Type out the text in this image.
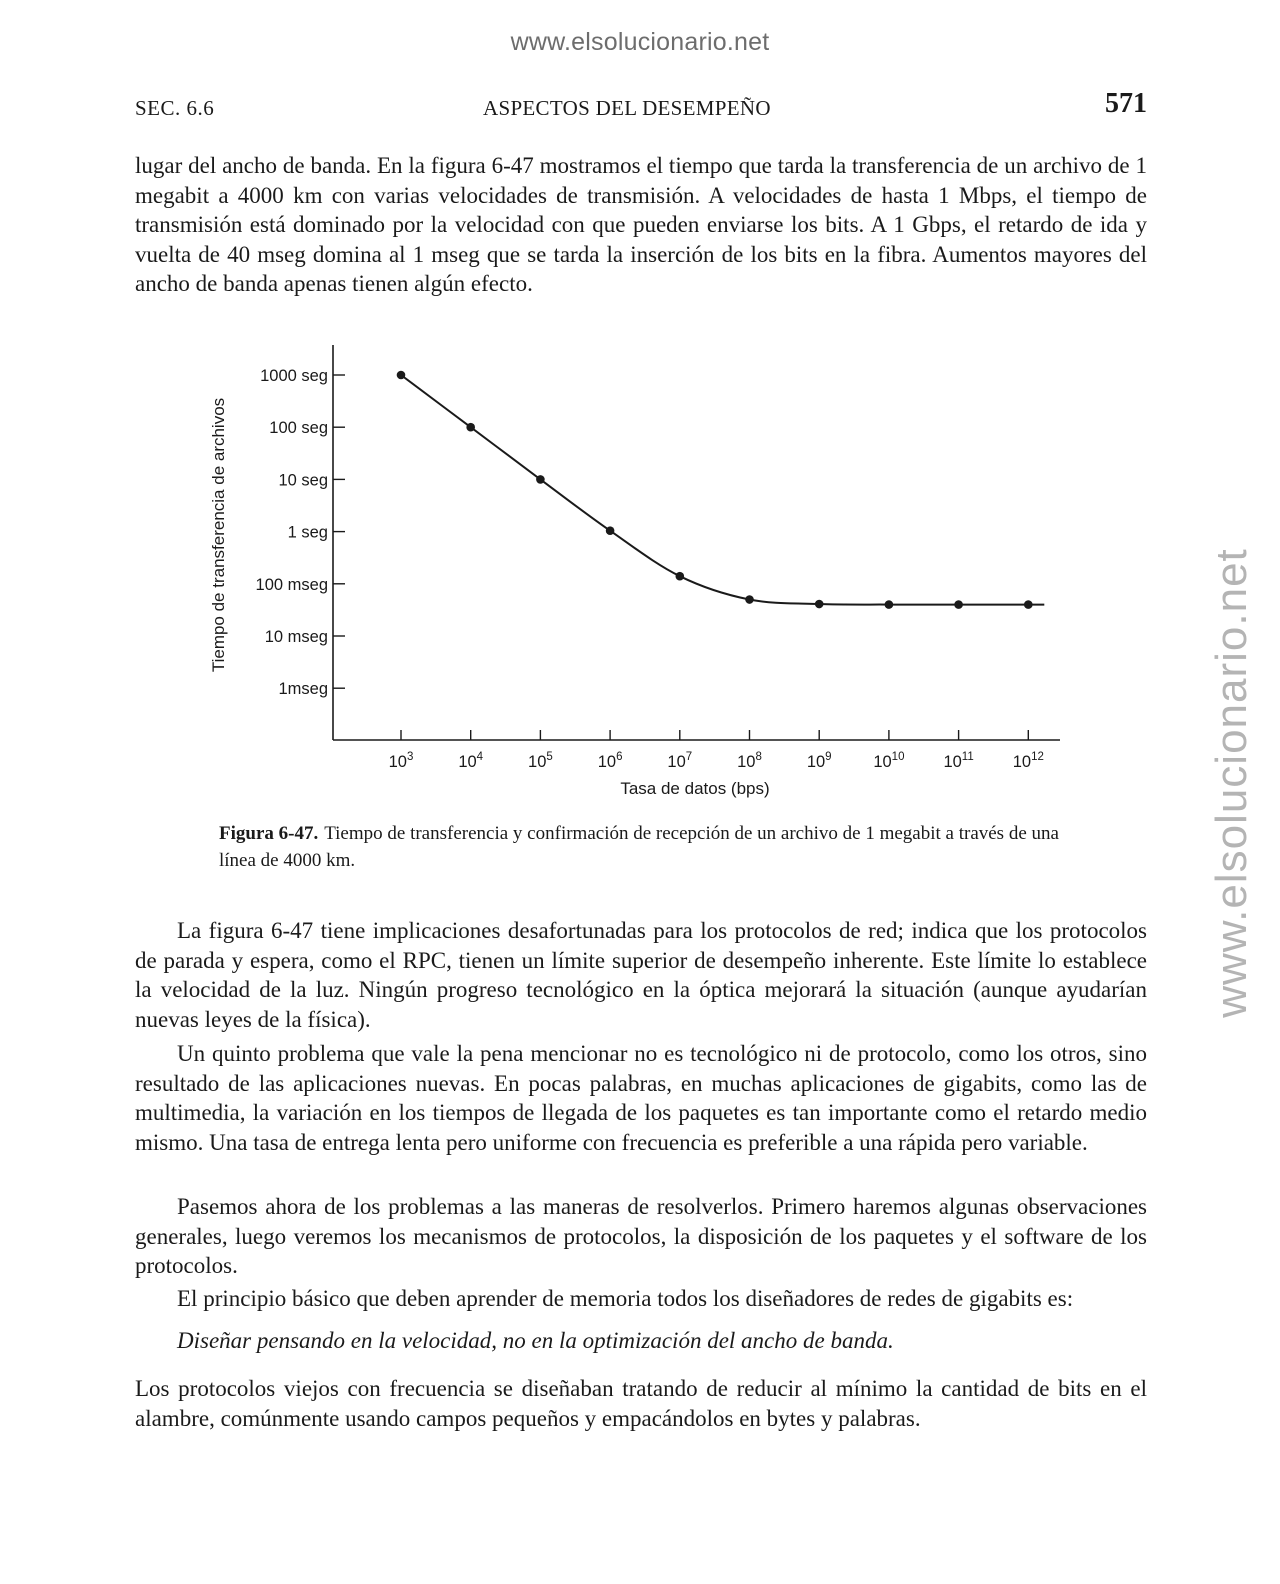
www.elsolucionario.net
www.elsolucionario.net
SEC. 6.6	ASPECTOS DEL DESEMPEÑO	571

lugar del ancho de banda. En la figura 6-47 mostramos el tiempo que tarda la transferencia de un archivo de 1 megabit a 4000 km con varias velocidades de transmisión. A velocidades de hasta 1 Mbps, el tiempo de transmisión está dominado por la velocidad con que pueden enviarse los bits. A 1 Gbps, el retardo de ida y vuelta de 40 mseg domina al 1 mseg que se tarda la inserción de los bits en la fibra. Aumentos mayores del ancho de banda apenas tienen algún efecto.

1000 seg
100 seg
10 seg
1 seg
100 mseg
10 mseg
1mseg
$10^3$	$10^4$	$10^5$	$10^6$	$10^7$	$10^8$	$10^9$	$10^{10}$ $10^{11}$ $10^{12}$
Tasa de datos (bps)
Tiempo de transferencia de archivos
Figura 6-47. Tiempo de transferencia y confirmación de recepción de un archivo de 1 megabit a través de una línea de 4000 km.

La figura 6-47 tiene implicaciones desafortunadas para los protocolos de red; indica que los protocolos de parada y espera, como el RPC, tienen un límite superior de desempeño inherente. Este límite lo establece la velocidad de la luz. Ningún progreso tecnológico en la óptica mejorará la situación (aunque ayudarían nuevas leyes de la física).

Un quinto problema que vale la pena mencionar no es tecnológico ni de protocolo, como los otros, sino resultado de las aplicaciones nuevas. En pocas palabras, en muchas aplicaciones de gigabits, como las de multimedia, la variación en los tiempos de llegada de los paquetes es tan importante como el retardo medio mismo. Una tasa de entrega lenta pero uniforme con frecuencia es preferible a una rápida pero variable.

Pasemos ahora de los problemas a las maneras de resolverlos. Primero haremos algunas observaciones generales, luego veremos los mecanismos de protocolos, la disposición de los paquetes y el software de los protocolos.

El principio básico que deben aprender de memoria todos los diseñadores de redes de gigabits es:

Diseñar pensando en la velocidad, no en la optimización del ancho de banda.

Los protocolos viejos con frecuencia se diseñaban tratando de reducir al mínimo la cantidad de bits en el alambre, comúnmente usando campos pequeños y empacándolos en bytes y palabras.
